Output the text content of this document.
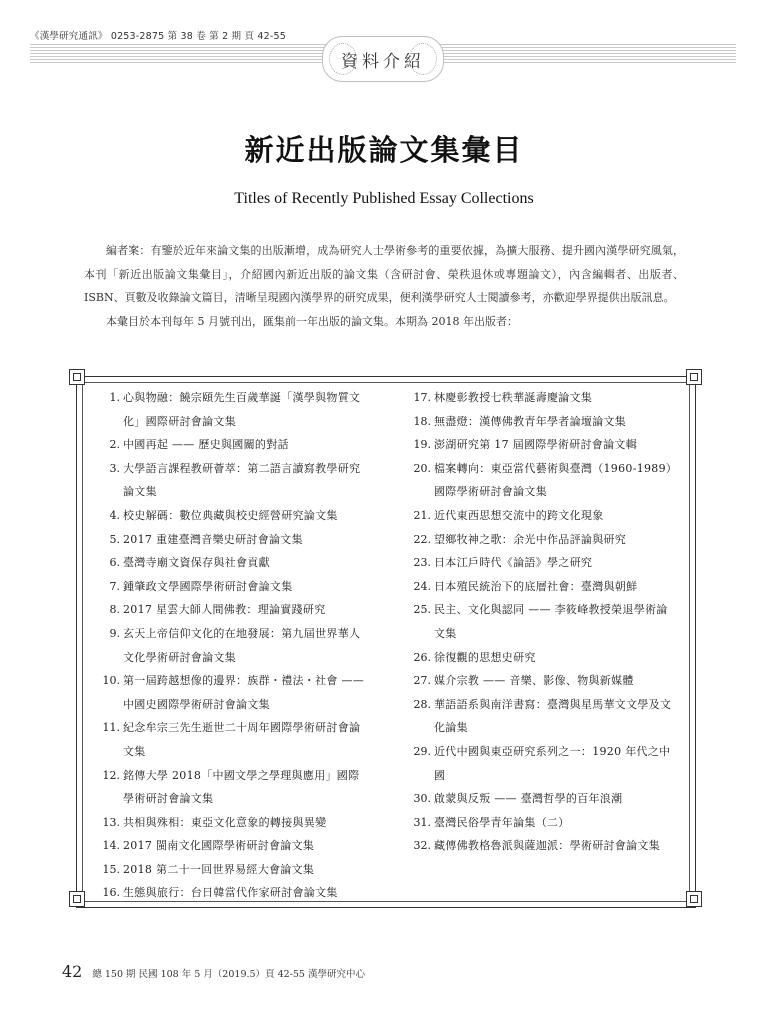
《漢學研究通訊》 0253-2875 第 38 卷 第 2 期 頁 42-55
資料介紹
新近出版論文集彙目
Titles of Recently Published Essay Collections

編者案：有鑒於近年來論文集的出版漸增，成為研究人士學術參考的重要依據，為擴大服務、提升國內漢學研究風氣，本刊「新近出版論文集彙目」，介紹國內新近出版的論文集（含研討會、榮秩退休或專題論文），內含編輯者、出版者、ISBN、頁數及收錄論文篇目，清晰呈現國內漢學界的研究成果，便利漢學研究人士閱讀參考，亦歡迎學界提供出版訊息。

本彙目於本刊每年 5 月號刊出，匯集前一年出版的論文集。本期為 2018 年出版者：

1. 心與物融：饒宗頤先生百歲華誕「漢學與物質文化」國際研討會論文集
2. 中國再起 —— 歷史與國關的對話
3. 大學語言課程教研薈萃：第二語言讀寫教學研究論文集
4. 校史解碼：數位典藏與校史經營研究論文集
5. 2017 重建臺灣音樂史研討會論文集
6. 臺灣寺廟文資保存與社會貢獻
7. 鍾肇政文學國際學術研討會論文集
8. 2017 星雲大師人間佛教：理論實踐研究
9. 玄天上帝信仰文化的在地發展：第九屆世界華人文化學術研討會論文集
10. 第一屆跨越想像的邊界：族群・禮法・社會 —— 中國史國際學術研討會論文集
11. 紀念牟宗三先生逝世二十周年國際學術研討會論文集
12. 銘傳大學 2018「中國文學之學理與應用」國際學術研討會論文集
13. 共相與殊相：東亞文化意象的轉接與異變
14. 2017 閩南文化國際學術研討會論文集
15. 2018 第二十一回世界易經大會論文集
16. 生態與旅行：台日韓當代作家研討會論文集
17. 林慶彰教授七秩華誕壽慶論文集
18. 無盡燈：漢傳佛教青年學者論壇論文集
19. 澎湖研究第 17 屆國際學術研討會論文輯
20. 檔案轉向：東亞當代藝術與臺灣（1960-1989）國際學術研討會論文集
21. 近代東西思想交流中的跨文化現象
22. 望鄉牧神之歌：余光中作品評論與研究
23. 日本江戶時代《論語》學之研究
24. 日本殖民統治下的底層社會：臺灣與朝鮮
25. 民主、文化與認同 —— 李筱峰教授榮退學術論文集
26. 徐復觀的思想史研究
27. 媒介宗教 —— 音樂、影像、物與新媒體
28. 華語語系與南洋書寫：臺灣與星馬華文文學及文化論集
29. 近代中國與東亞研究系列之一：1920 年代之中國
30. 啟蒙與反叛 —— 臺灣哲學的百年浪潮
31. 臺灣民俗學青年論集（二）
32. 藏傳佛教格魯派與薩迦派：學術研討會論文集
42 總 150 期 民國 108 年 5 月（2019.5）頁 42-55 漢學研究中心
